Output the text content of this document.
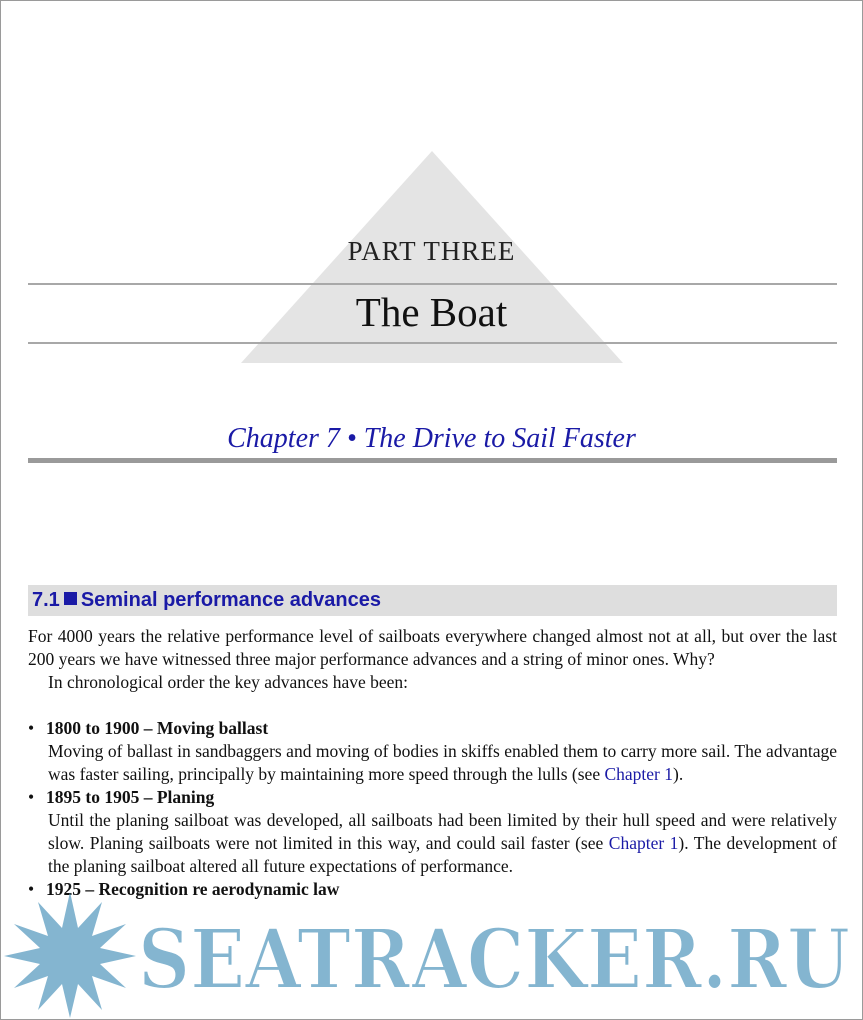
PART THREE
The Boat
Chapter 7 • The Drive to Sail Faster
7.1 Seminal performance advances

For 4000 years the relative performance level of sailboats everywhere changed almost not at all, but over the last 200 years we have witnessed three major performance advances and a string of minor ones. Why?

In chronological order the key advances have been:

• 1800 to 1900 – Moving ballast

Moving of ballast in sandbaggers and moving of bodies in skiffs enabled them to carry more sail. The advantage was faster sailing, principally by maintaining more speed through the lulls (see Chapter 1).

• 1895 to 1905 – Planing

Until the planing sailboat was developed, all sailboats had been limited by their hull speed and were relatively slow. Planing sailboats were not limited in this way, and could sail faster (see Chapter 1). The development of the planing sailboat altered all future expectations of performance.

• 1925 – Recognition re aerodynamic law
SEATRACKER.RU
